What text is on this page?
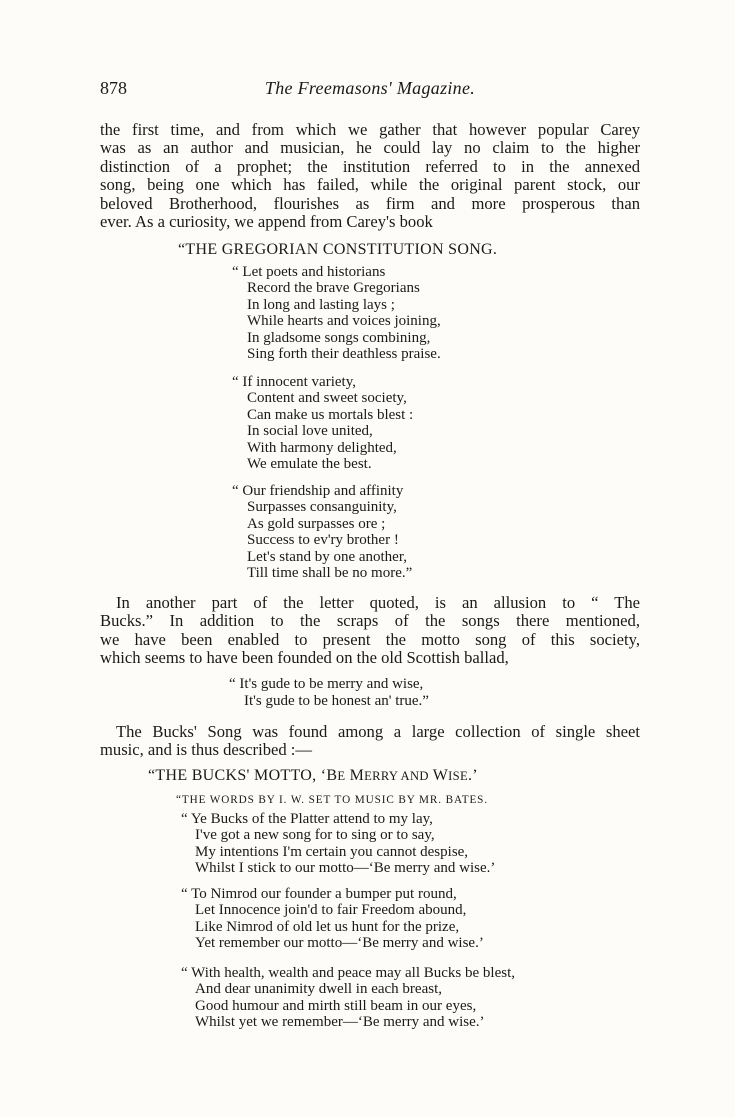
878	The Freemasons' Magazine.
the first time, and from which we gather that however popular Carey
was as an author and musician, he could lay no claim to the higher
distinction of a prophet; the institution referred to in the annexed
song, being one which has failed, while the original parent stock, our
beloved Brotherhood, flourishes as firm and more prosperous than
ever. As a curiosity, we append from Carey's book

“THE GREGORIAN CONSTITUTION SONG.

“ Let poets and historians
Record the brave Gregorians
In long and lasting lays ;
While hearts and voices joining,
In gladsome songs combining,
Sing forth their deathless praise.
“ If innocent variety,
Content and sweet society,
Can make us mortals blest :
In social love united,
With harmony delighted,
We emulate the best.
“ Our friendship and affinity
Surpasses consanguinity,
As gold surpasses ore ;
Success to ev'ry brother !
Let's stand by one another,
Till time shall be no more.”
In another part of the letter quoted, is an allusion to “ The
Bucks.” In addition to the scraps of the songs there mentioned,
we have been enabled to present the motto song of this society,
which seems to have been founded on the old Scottish ballad,
“ It's gude to be merry and wise,
It's gude to be honest an' true.”
The Bucks' Song was found among a large collection of single sheet
music, and is thus described :—

“THE BUCKS' MOTTO, ‘BE MERRY AND WISE.’

“THE WORDS BY I. W. SET TO MUSIC BY MR. BATES.

“ Ye Bucks of the Platter attend to my lay,
I've got a new song for to sing or to say,
My intentions I'm certain you cannot despise,
Whilst I stick to our motto—‘Be merry and wise.’
“ To Nimrod our founder a bumper put round,
Let Innocence join'd to fair Freedom abound,
Like Nimrod of old let us hunt for the prize,
Yet remember our motto—‘Be merry and wise.’
“ With health, wealth and peace may all Bucks be blest,
And dear unanimity dwell in each breast,
Good humour and mirth still beam in our eyes,
Whilst yet we remember—‘Be merry and wise.’
